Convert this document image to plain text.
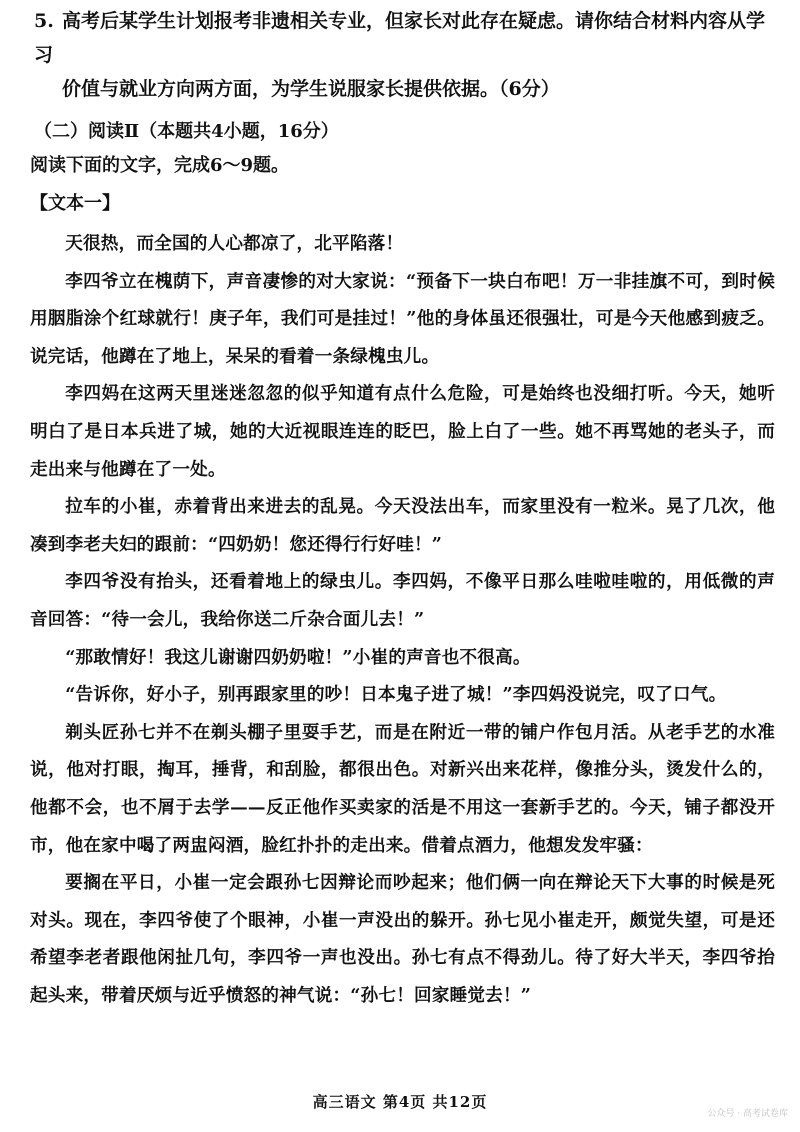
5. 高考后某学生计划报考非遗相关专业，但家长对此存在疑虑。请你结合材料内容从学习
价值与就业方向两方面，为学生说服家长提供依据。（6分）
（二）阅读Ⅱ（本题共4小题，16分）
阅读下面的文字，完成6～9题。
【文本一】

天很热，而全国的人心都凉了，北平陷落！

李四爷立在槐荫下，声音凄惨的对大家说：“预备下一块白布吧！万一非挂旗不可，到时候用胭脂涂个红球就行！庚子年，我们可是挂过！”他的身体虽还很强壮，可是今天他感到疲乏。说完话，他蹲在了地上，呆呆的看着一条绿槐虫儿。

李四妈在这两天里迷迷忽忽的似乎知道有点什么危险，可是始终也没细打听。今天，她听明白了是日本兵进了城，她的大近视眼连连的眨巴，脸上白了一些。她不再骂她的老头子，而走出来与他蹲在了一处。

拉车的小崔，赤着背出来进去的乱晃。今天没法出车，而家里没有一粒米。晃了几次，他凑到李老夫妇的跟前：“四奶奶！您还得行行好哇！”

李四爷没有抬头，还看着地上的绿虫儿。李四妈，不像平日那么哇啦哇啦的，用低微的声音回答：“待一会儿，我给你送二斤杂合面儿去！”

“那敢情好！我这儿谢谢四奶奶啦！”小崔的声音也不很高。

“告诉你，好小子，别再跟家里的吵！日本鬼子进了城！”李四妈没说完，叹了口气。

剃头匠孙七并不在剃头棚子里耍手艺，而是在附近一带的铺户作包月活。从老手艺的水准说，他对打眼，掏耳，捶背，和刮脸，都很出色。对新兴出来花样，像推分头，烫发什么的，他都不会，也不屑于去学——反正他作买卖家的活是不用这一套新手艺的。今天，铺子都没开市，他在家中喝了两盅闷酒，脸红扑扑的走出来。借着点酒力，他想发发牢骚：

要搁在平日，小崔一定会跟孙七因辩论而吵起来；他们俩一向在辩论天下大事的时候是死对头。现在，李四爷使了个眼神，小崔一声没出的躲开。孙七见小崔走开，颇觉失望，可是还希望李老者跟他闲扯几句，李四爷一声也没出。孙七有点不得劲儿。待了好大半天，李四爷抬起头来，带着厌烦与近乎愤怒的神气说：“孙七！回家睡觉去！”

高三语文 第4页 共12页
公众号 · 高考试卷库
